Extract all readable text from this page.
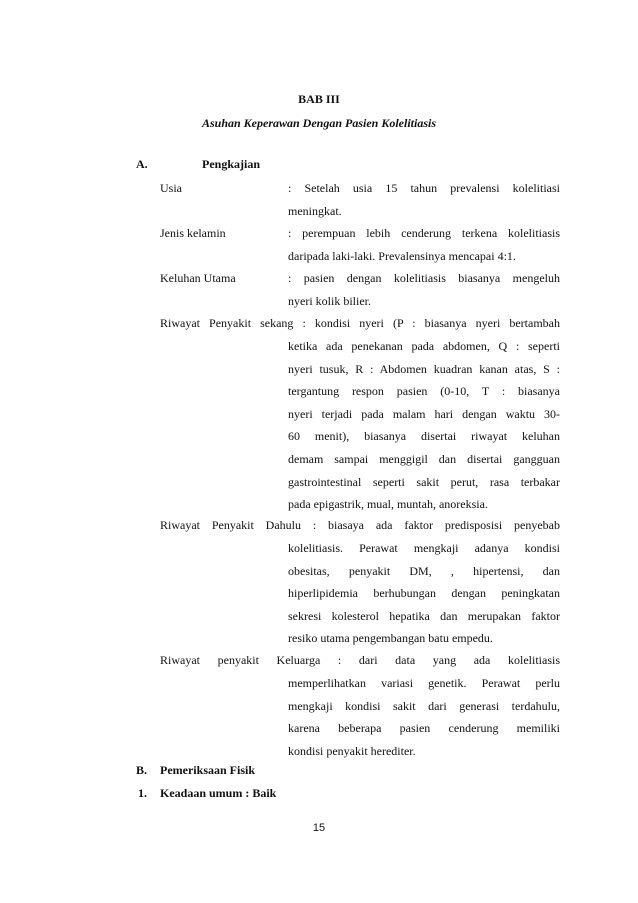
BAB III
Asuhan Keperawan Dengan Pasien Kolelitiasis
A.	Pengkajian
Usia	: Setelah usia 15 tahun prevalensi kolelitiasi
meningkat.
Jenis kelamin	: perempuan lebih cenderung terkena kolelitiasis
daripada laki-laki. Prevalensinya mencapai 4:1.
Keluhan Utama	: pasien dengan kolelitiasis biasanya mengeluh
nyeri kolik bilier.
Riwayat Penyakit sekang : kondisi nyeri (P : biasanya nyeri bertambah
ketika ada penekanan pada abdomen, Q : seperti
nyeri tusuk, R : Abdomen kuadran kanan atas, S :
tergantung respon pasien (0-10, T : biasanya
nyeri terjadi pada malam hari dengan waktu 30-
60 menit), biasanya disertai riwayat keluhan
demam sampai menggigil dan disertai gangguan
gastrointestinal seperti sakit perut, rasa terbakar
pada epigastrik, mual, muntah, anoreksia.
Riwayat Penyakit Dahulu : biasaya ada faktor predisposisi penyebab
kolelitiasis. Perawat mengkaji adanya kondisi
obesitas, penyakit DM, , hipertensi, dan
hiperlipidemia berhubungan dengan peningkatan
sekresi kolesterol hepatika dan merupakan faktor
resiko utama pengembangan batu empedu.
Riwayat penyakit Keluarga : dari data yang ada kolelitiasis
memperlihatkan variasi genetik. Perawat perlu
mengkaji kondisi sakit dari generasi terdahulu,
karena beberapa pasien cenderung memiliki
kondisi penyakit herediter.
B. Pemeriksaan Fisik
1. Keadaan umum : Baik
15
